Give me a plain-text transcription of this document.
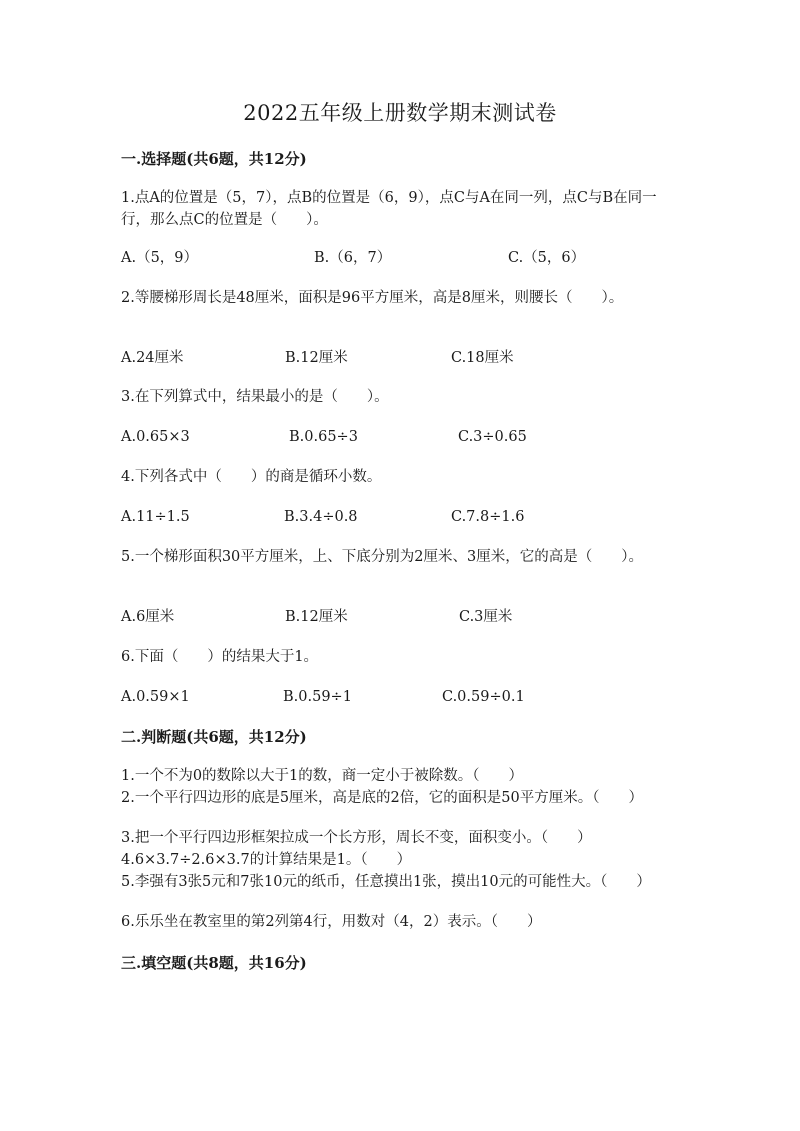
2022五年级上册数学期末测试卷
一.选择题(共6题，共12分)
1.点A的位置是（5，7），点B的位置是（6，9），点C与A在同一列，点C与B在同一行，那么点C的位置是（　　）。
A.（5，9）	B.（6，7）	C.（5，6）
2.等腰梯形周长是48厘米，面积是96平方厘米，高是8厘米，则腰长（　　）。
A.24厘米	B.12厘米	C.18厘米
3.在下列算式中，结果最小的是（　　）。
A.0.65×3	B.0.65÷3	C.3÷0.65
4.下列各式中（　　）的商是循环小数。
A.11÷1.5	B.3.4÷0.8	C.7.8÷1.6
5.一个梯形面积30平方厘米，上、下底分别为2厘米、3厘米，它的高是（　　）。
A.6厘米	B.12厘米	C.3厘米
6.下面（　　）的结果大于1。
A.0.59×1	B.0.59÷1	C.0.59÷0.1
二.判断题(共6题，共12分)
1.一个不为0的数除以大于1的数，商一定小于被除数。（　　）
2.一个平行四边形的底是5厘米，高是底的2倍，它的面积是50平方厘米。（　　）
3.把一个平行四边形框架拉成一个长方形，周长不变，面积变小。（　　）
4.6×3.7÷2.6×3.7的计算结果是1。（　　）
5.李强有3张5元和7张10元的纸币，任意摸出1张，摸出10元的可能性大。（　　）
6.乐乐坐在教室里的第2列第4行，用数对（4，2）表示。（　　）
三.填空题(共8题，共16分)
